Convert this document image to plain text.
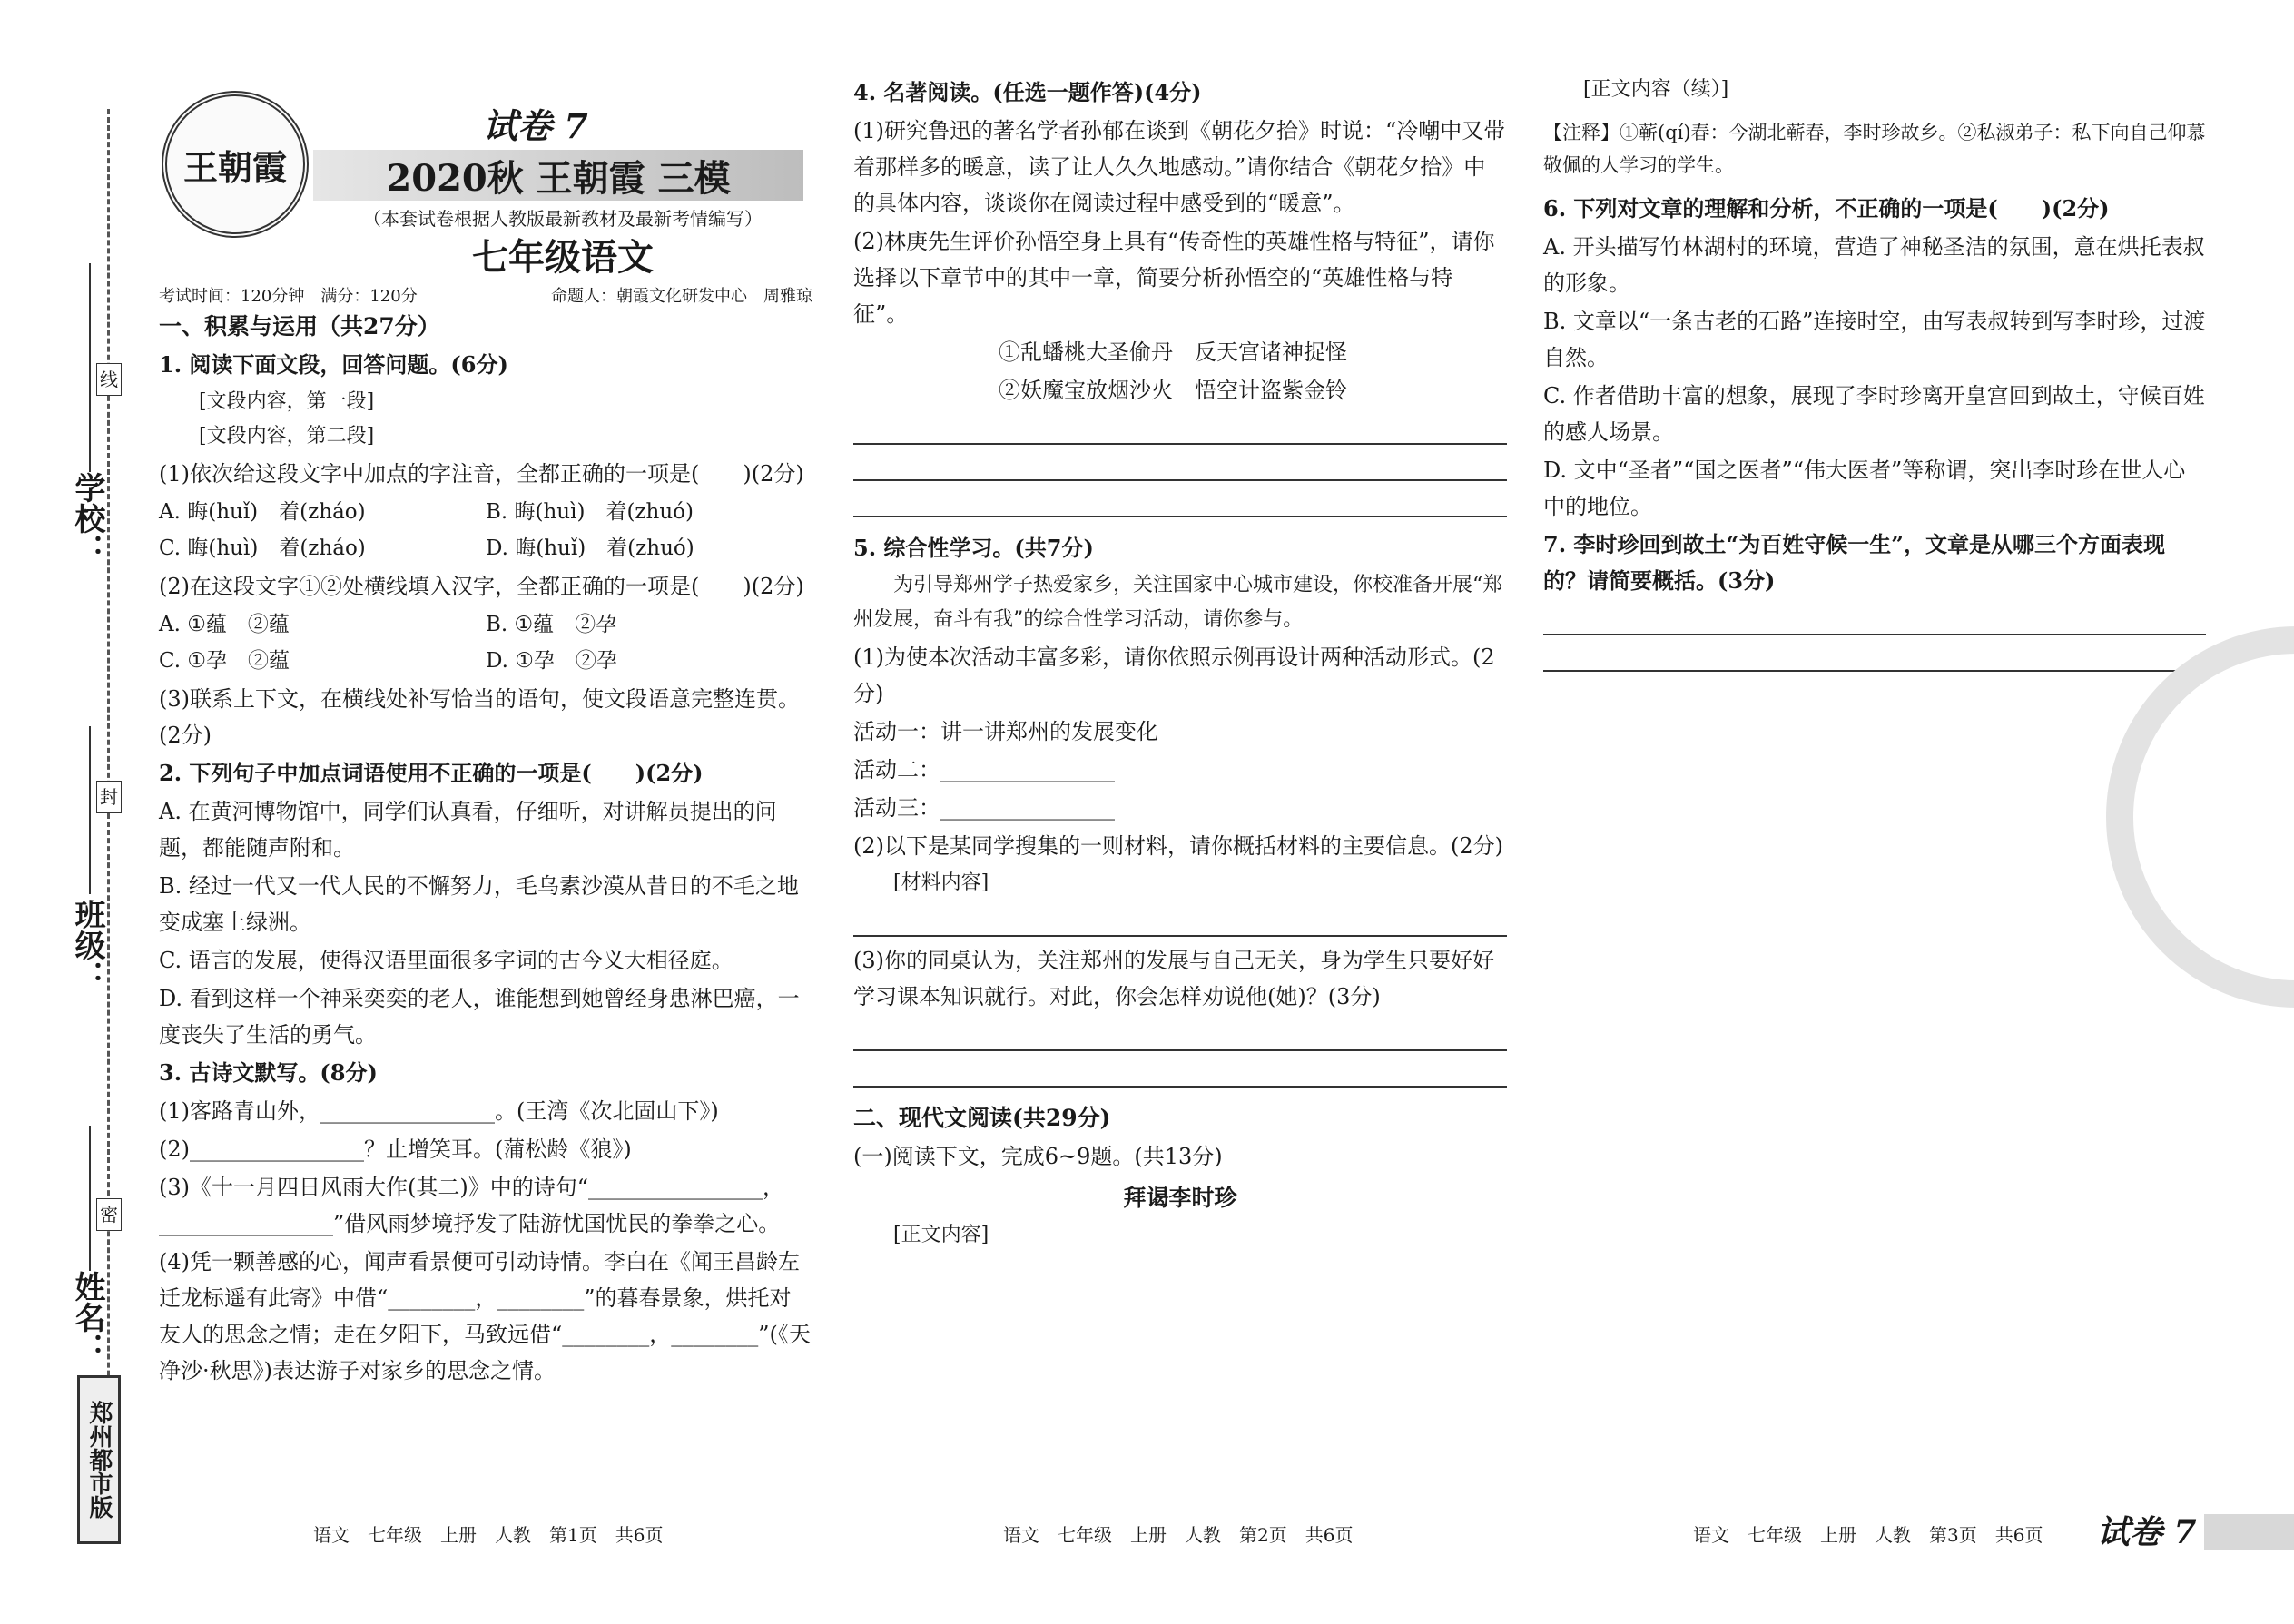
线
封
密
学校：
班级：
姓名：
郑州都市版
王朝霞
试卷 7
2020秋 王朝霞 三模
（本套试卷根据人教版最新教材及最新考情编写）
七年级语文
考试时间：120分钟　满分：120分	命题人：朝霞文化研发中心　周雅琼
一、积累与运用（共27分）
1. 阅读下面文段，回答问题。(6分)

[文段内容，第一段]

[文段内容，第二段]

(1)依次给这段文字中加点的字注音，全都正确的一项是(　　)(2分)
A. 晦(huǐ)　着(zháo)	B. 晦(huì)　着(zhuó)
C. 晦(huì)　着(zháo)	D. 晦(huǐ)　着(zhuó)
(2)在这段文字①②处横线填入汉字，全都正确的一项是(　　)(2分)
A. ①蕴　②蕴	B. ①蕴　②孕
C. ①孕　②蕴	D. ①孕　②孕
(3)联系上下文，在横线处补写恰当的语句，使文段语意完整连贯。(2分)
2. 下列句子中加点词语使用不正确的一项是(　　)(2分)
A. 在黄河博物馆中，同学们认真看，仔细听，对讲解员提出的问题，都能随声附和。
B. 经过一代又一代人民的不懈努力，毛乌素沙漠从昔日的不毛之地变成塞上绿洲。
C. 语言的发展，使得汉语里面很多字词的古今义大相径庭。
D. 看到这样一个神采奕奕的老人，谁能想到她曾经身患淋巴癌，一度丧失了生活的勇气。
3. 古诗文默写。(8分)
(1)客路青山外，________________。(王湾《次北固山下》)
(2)________________？止增笑耳。(蒲松龄《狼》)
(3)《十一月四日风雨大作(其二)》中的诗句“________________，________________”借风雨梦境抒发了陆游忧国忧民的拳拳之心。
(4)凭一颗善感的心，闻声看景便可引动诗情。李白在《闻王昌龄左迁龙标遥有此寄》中借“________，________”的暮春景象，烘托对友人的思念之情；走在夕阳下，马致远借“________，________”(《天净沙·秋思》)表达游子对家乡的思念之情。
4. 名著阅读。(任选一题作答)(4分)
(1)研究鲁迅的著名学者孙郁在谈到《朝花夕拾》时说：“冷嘲中又带着那样多的暖意，读了让人久久地感动。”请你结合《朝花夕拾》中的具体内容，谈谈你在阅读过程中感受到的“暖意”。
(2)林庚先生评价孙悟空身上具有“传奇性的英雄性格与特征”，请你选择以下章节中的其中一章，简要分析孙悟空的“英雄性格与特征”。
①乱蟠桃大圣偷丹　反天宫诸神捉怪
②妖魔宝放烟沙火　悟空计盗紫金铃
5. 综合性学习。(共7分)

为引导郑州学子热爱家乡，关注国家中心城市建设，你校准备开展“郑州发展，奋斗有我”的综合性学习活动，请你参与。

(1)为使本次活动丰富多彩，请你依照示例再设计两种活动形式。(2分)
活动一：讲一讲郑州的发展变化
活动二：________________
活动三：________________
(2)以下是某同学搜集的一则材料，请你概括材料的主要信息。(2分)

[材料内容]

(3)你的同桌认为，关注郑州的发展与自己无关，身为学生只要好好学习课本知识就行。对此，你会怎样劝说他(她)？(3分)
二、现代文阅读(共29分)
(一)阅读下文，完成6~9题。(共13分)
拜谒李时珍

[正文内容]

[正文内容（续）]

【注释】①蕲(qí)春：今湖北蕲春，李时珍故乡。②私淑弟子：私下向自己仰慕敬佩的人学习的学生。
6. 下列对文章的理解和分析，不正确的一项是(　　)(2分)
A. 开头描写竹林湖村的环境，营造了神秘圣洁的氛围，意在烘托表叔的形象。
B. 文章以“一条古老的石路”连接时空，由写表叔转到写李时珍，过渡自然。
C. 作者借助丰富的想象，展现了李时珍离开皇宫回到故土，守候百姓的感人场景。
D. 文中“圣者”“国之医者”“伟大医者”等称谓，突出李时珍在世人心中的地位。
7. 李时珍回到故土“为百姓守候一生”，文章是从哪三个方面表现的？请简要概括。(3分)
语文　七年级　上册　人教　第1页　共6页	语文　七年级　上册　人教　第2页　共6页	语文　七年级　上册　人教　第3页　共6页 试卷 7
